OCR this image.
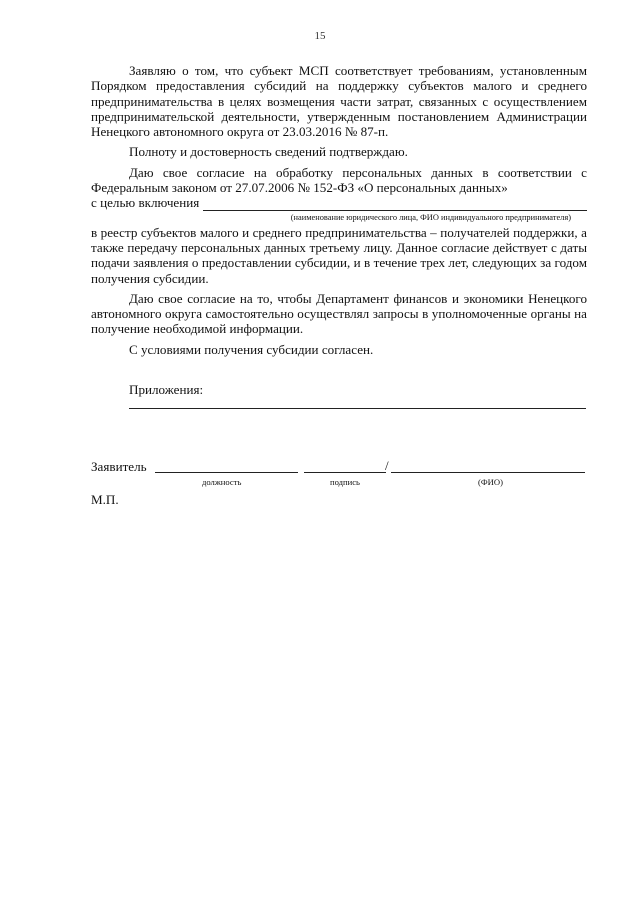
15

Заявляю о том, что субъект МСП соответствует требованиям, установленным Порядком предоставления субсидий на поддержку субъектов малого и среднего предпринимательства в целях возмещения части затрат, связанных с осуществлением предпринимательской деятельности, утвержденным постановлением Администрации Ненецкого автономного округа от 23.03.2016 № 87-п.

Полноту и достоверность сведений подтверждаю.

Даю свое согласие на обработку персональных данных в соответствии с Федеральным законом от 27.07.2006 № 152-ФЗ «О персональных данных»

с целью включения
(наименование юридического лица, ФИО индивидуального предпринимателя)

в реестр субъектов малого и среднего предпринимательства – получателей поддержки, а также передачу персональных данных третьему лицу. Данное согласие действует с даты подачи заявления о предоставлении субсидии, и в течение трех лет, следующих за годом получения субсидии.

Даю свое согласие на то, чтобы Департамент финансов и экономики Ненецкого автономного округа самостоятельно осуществлял запросы в уполномоченные органы на получение необходимой информации.

С условиями получения субсидии согласен.

Приложения:
Заявитель	/
должность	подпись	(ФИО)
М.П.
